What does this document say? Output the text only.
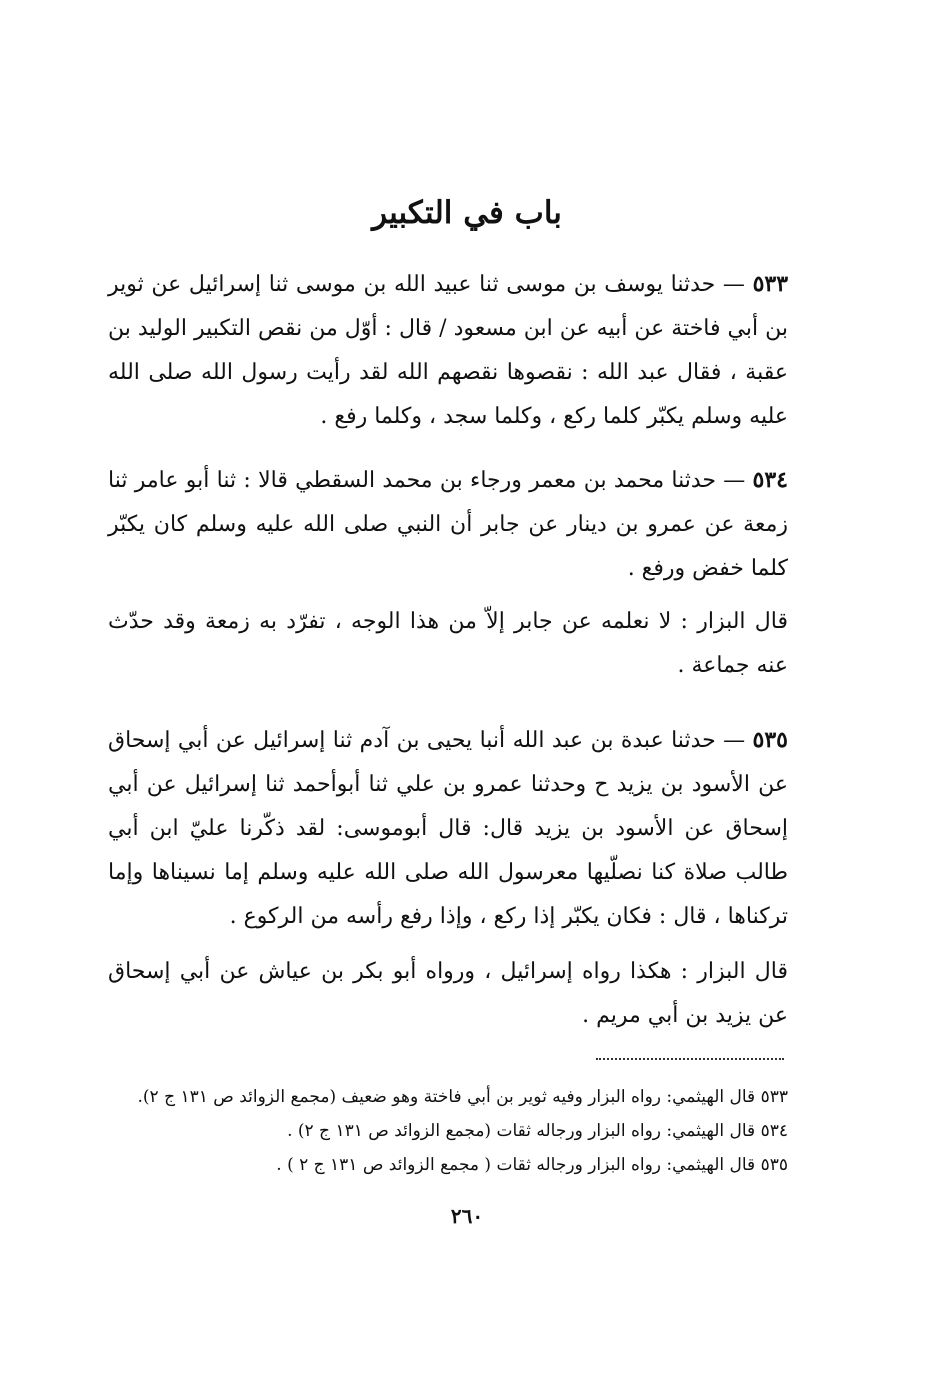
باب في التكبير

٥٣٣ — حدثنا يوسف بن موسى ثنا عبيد الله بن موسى ثنا إسرائيل عن ثوير بن أبي فاختة عن أبيه عن ابن مسعود / قال : أوّل من نقص التكبير الوليد بن عقبة ، فقال عبد الله : نقصوها نقصهم الله لقد رأيت رسول الله صلى الله عليه وسلم يكبّر كلما ركع ، وكلما سجد ، وكلما رفع .

٥٣٤ — حدثنا محمد بن معمر ورجاء بن محمد السقطي قالا : ثنا أبو عامر ثنا زمعة عن عمرو بن دينار عن جابر أن النبي صلى الله عليه وسلم كان يكبّر كلما خفض ورفع .

قال البزار : لا نعلمه عن جابر إلاّ من هذا الوجه ، تفرّد به زمعة وقد حدّث عنه جماعة .

٥٣٥ — حدثنا عبدة بن عبد الله أنبا يحيى بن آدم ثنا إسرائيل عن أبي إسحاق عن الأسود بن يزيد ح وحدثنا عمرو بن علي ثنا أبوأحمد ثنا إسرائيل عن أبي إسحاق عن الأسود بن يزيد قال: قال أبوموسى: لقد ذكّرنا عليّ ابن أبي طالب صلاة كنا نصلّيها معرسول الله صلى الله عليه وسلم إما نسيناها وإما تركناها ، قال : فكان يكبّر إذا ركع ، وإذا رفع رأسه من الركوع .

قال البزار : هكذا رواه إسرائيل ، ورواه أبو بكر بن عياش عن أبي إسحاق عن يزيد بن أبي مريم .

٥٣٣ قال الهيثمي: رواه البزار وفيه ثوير بن أبي فاختة وهو ضعيف (مجمع الزوائد ص ١٣١ ج ٢).

٥٣٤ قال الهيثمي: رواه البزار ورجاله ثقات (مجمع الزوائد ص ١٣١ ج ٢) .

٥٣٥ قال الهيثمي: رواه البزار ورجاله ثقات ( مجمع الزوائد ص ١٣١ ج ٢ ) .

٢٦٠
